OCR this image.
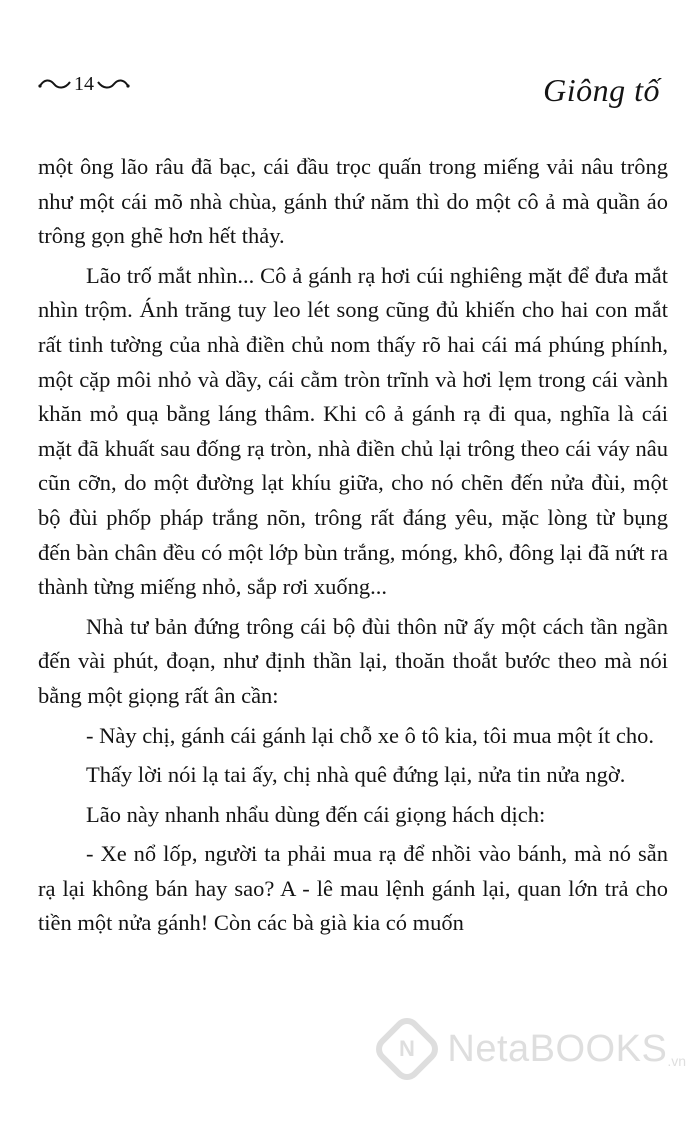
14	Giông tố

một ông lão râu đã bạc, cái đầu trọc quấn trong miếng vải nâu trông như một cái mõ nhà chùa, gánh thứ năm thì do một cô ả mà quần áo trông gọn ghẽ hơn hết thảy.

Lão trố mắt nhìn... Cô ả gánh rạ hơi cúi nghiêng mặt để đưa mắt nhìn trộm. Ánh trăng tuy leo lét song cũng đủ khiến cho hai con mắt rất tinh tường của nhà điền chủ nom thấy rõ hai cái má phúng phính, một cặp môi nhỏ và dầy, cái cằm tròn trĩnh và hơi lẹm trong cái vành khăn mỏ quạ bằng láng thâm. Khi cô ả gánh rạ đi qua, nghĩa là cái mặt đã khuất sau đống rạ tròn, nhà điền chủ lại trông theo cái váy nâu cũn cỡn, do một đường lạt khíu giữa, cho nó chẽn đến nửa đùi, một bộ đùi phốp pháp trắng nõn, trông rất đáng yêu, mặc lòng từ bụng đến bàn chân đều có một lớp bùn trắng, móng, khô, đông lại đã nứt ra thành từng miếng nhỏ, sắp rơi xuống...

Nhà tư bản đứng trông cái bộ đùi thôn nữ ấy một cách tần ngần đến vài phút, đoạn, như định thần lại, thoăn thoắt bước theo mà nói bằng một giọng rất ân cần:

- Này chị, gánh cái gánh lại chỗ xe ô tô kia, tôi mua một ít cho.

Thấy lời nói lạ tai ấy, chị nhà quê đứng lại, nửa tin nửa ngờ.

Lão này nhanh nhẩu dùng đến cái giọng hách dịch:

- Xe nổ lốp, người ta phải mua rạ để nhồi vào bánh, mà nó sẵn rạ lại không bán hay sao? A - lê mau lệnh gánh lại, quan lớn trả cho tiền một nửa gánh! Còn các bà già kia có muốn

N NetaBOOKS .vn
